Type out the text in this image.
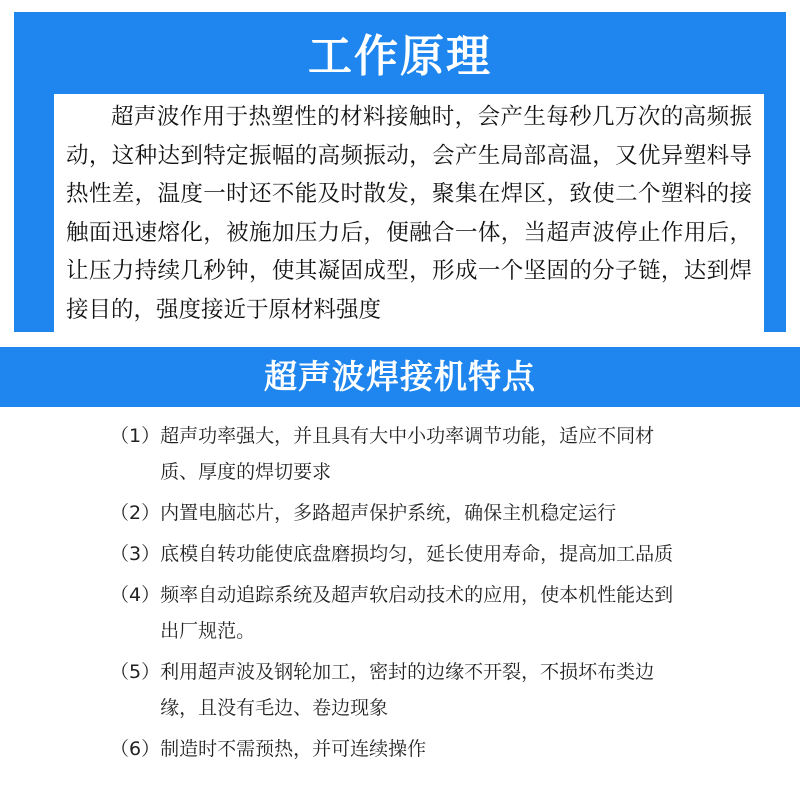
工作原理

超声波作用于热塑性的材料接触时，会产生每秒几万次的高频振动，这种达到特定振幅的高频振动，会产生局部高温，又优异塑料导热性差，温度一时还不能及时散发，聚集在焊区，致使二个塑料的接触面迅速熔化，被施加压力后，便融合一体，当超声波停止作用后，让压力持续几秒钟，使其凝固成型，形成一个坚固的分子链，达到焊接目的，强度接近于原材料强度

超声波焊接机特点
（1） 超声功率强大，并且具有大中小功率调节功能，适应不同材质、厚度的焊切要求
（2） 内置电脑芯片，多路超声保护系统，确保主机稳定运行
（3） 底模自转功能使底盘磨损均匀，延长使用寿命，提高加工品质
（4） 频率自动追踪系统及超声软启动技术的应用，使本机性能达到出厂规范。
（5） 利用超声波及钢轮加工，密封的边缘不开裂，不损坏布类边缘，且没有毛边、卷边现象
（6） 制造时不需预热，并可连续操作
